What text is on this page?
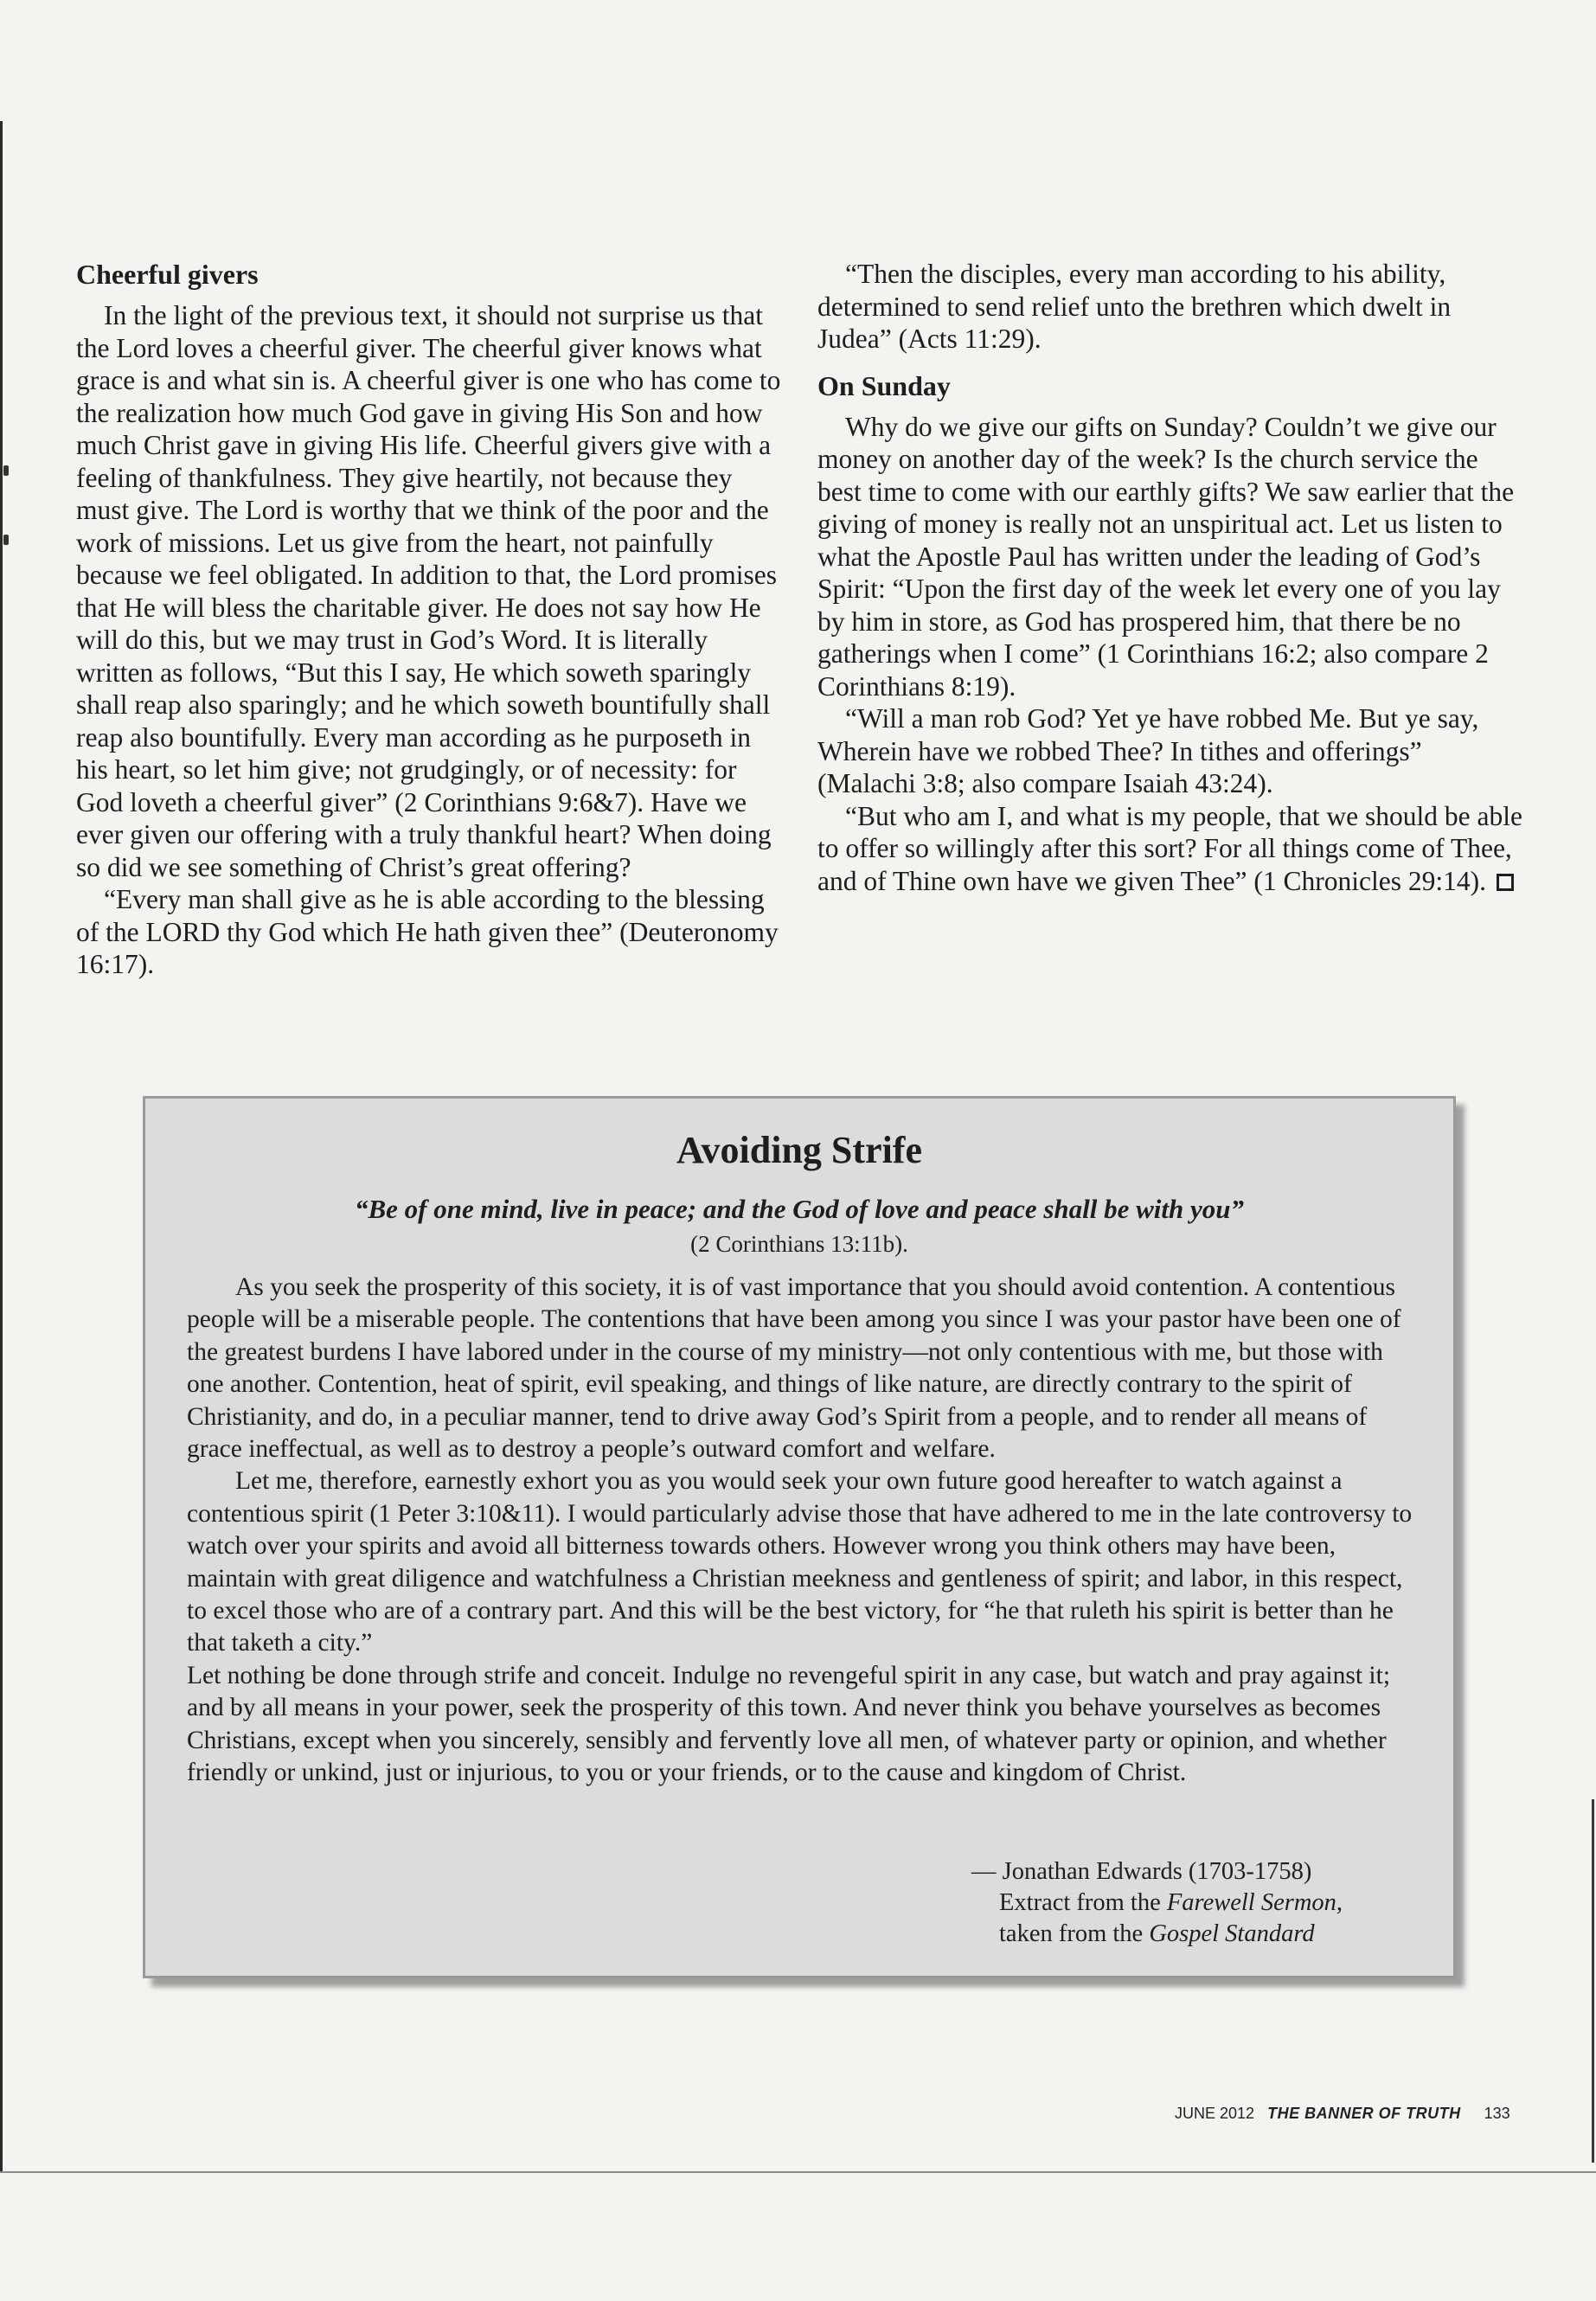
Cheerful givers

In the light of the previous text, it should not surprise us that the Lord loves a cheerful giver. The cheerful giver knows what grace is and what sin is. A cheerful giver is one who has come to the realization how much God gave in giving His Son and how much Christ gave in giving His life. Cheerful givers give with a feeling of thankfulness. They give heartily, not because they must give. The Lord is worthy that we think of the poor and the work of missions. Let us give from the heart, not painfully because we feel obligated. In addition to that, the Lord promises that He will bless the charitable giver. He does not say how He will do this, but we may trust in God’s Word. It is literally written as follows, “But this I say, He which soweth sparingly shall reap also sparingly; and he which soweth bountifully shall reap also bountifully. Every man according as he purposeth in his heart, so let him give; not grudgingly, or of necessity: for God loveth a cheerful giver” (2 Corinthians 9:6&7). Have we ever given our offering with a truly thankful heart? When doing so did we see something of Christ’s great offering?

“Every man shall give as he is able according to the blessing of the LORD thy God which He hath given thee” (Deuteronomy 16:17).

“Then the disciples, every man according to his ability, determined to send relief unto the brethren which dwelt in Judea” (Acts 11:29).

On Sunday

Why do we give our gifts on Sunday? Couldn’t we give our money on another day of the week? Is the church service the best time to come with our earthly gifts? We saw earlier that the giving of money is really not an unspiritual act. Let us listen to what the Apostle Paul has written under the leading of God’s Spirit: “Upon the first day of the week let every one of you lay by him in store, as God has prospered him, that there be no gatherings when I come” (1 Corinthians 16:2; also compare 2 Corinthians 8:19).

“Will a man rob God? Yet ye have robbed Me. But ye say, Wherein have we robbed Thee? In tithes and offerings” (Malachi 3:8; also compare Isaiah 43:24).

“But who am I, and what is my people, that we should be able to offer so willingly after this sort? For all things come of Thee, and of Thine own have we given Thee” (1 Chronicles 29:14).

Avoiding Strife

“Be of one mind, live in peace; and the God of love and peace shall be with you”

(2 Corinthians 13:11b).

As you seek the prosperity of this society, it is of vast importance that you should avoid contention. A contentious people will be a miserable people. The contentions that have been among you since I was your pastor have been one of the greatest burdens I have labored under in the course of my ministry—not only contentious with me, but those with one another. Contention, heat of spirit, evil speaking, and things of like nature, are directly contrary to the spirit of Christianity, and do, in a peculiar manner, tend to drive away God’s Spirit from a people, and to render all means of grace ineffectual, as well as to destroy a people’s outward comfort and welfare.

Let me, therefore, earnestly exhort you as you would seek your own future good hereafter to watch against a contentious spirit (1 Peter 3:10&11). I would particularly advise those that have adhered to me in the late controversy to watch over your spirits and avoid all bitterness towards others. However wrong you think others may have been, maintain with great diligence and watchfulness a Christian meekness and gentleness of spirit; and labor, in this respect, to excel those who are of a contrary part. And this will be the best victory, for “he that ruleth his spirit is better than he that taketh a city.”

Let nothing be done through strife and conceit. Indulge no revengeful spirit in any case, but watch and pray against it; and by all means in your power, seek the prosperity of this town. And never think you behave yourselves as becomes Christians, except when you sincerely, sensibly and fervently love all men, of whatever party or opinion, and whether friendly or unkind, just or injurious, to you or your friends, or to the cause and kingdom of Christ.

— Jonathan Edwards (1703-1758)
Extract from the Farewell Sermon,
taken from the Gospel Standard
JUNE 2012 THE BANNER OF TRUTH 133
